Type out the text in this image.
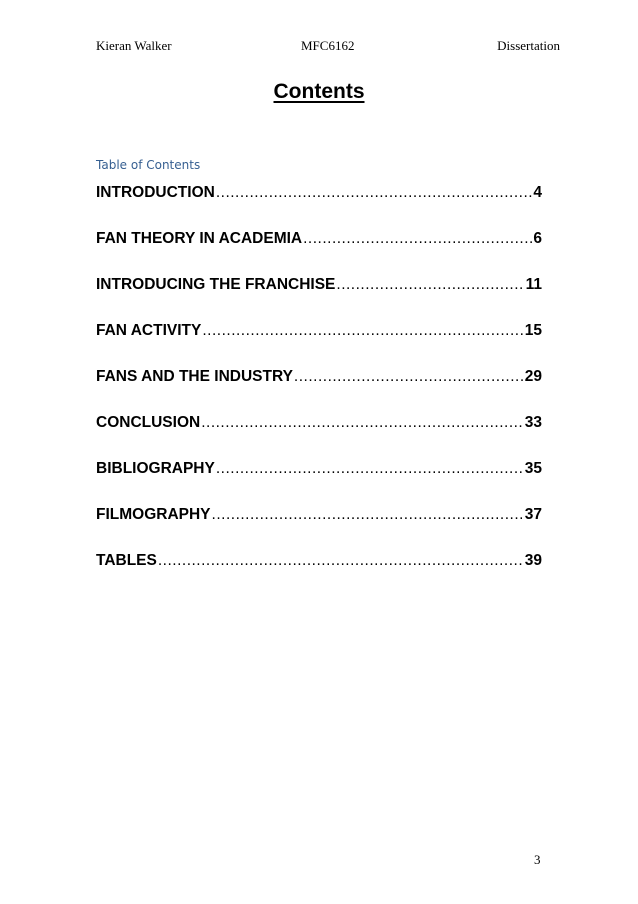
Kieran Walker	MFC6162	Dissertation
Contents
Table of Contents
INTRODUCTION .....	4
FAN THEORY IN ACADEMIA .....	6
INTRODUCING THE FRANCHISE .....	11
FAN ACTIVITY .....	15
FANS AND THE INDUSTRY .....	29
CONCLUSION .....	33
BIBLIOGRAPHY .....	35
FILMOGRAPHY .....	37
TABLES .....	39
3
